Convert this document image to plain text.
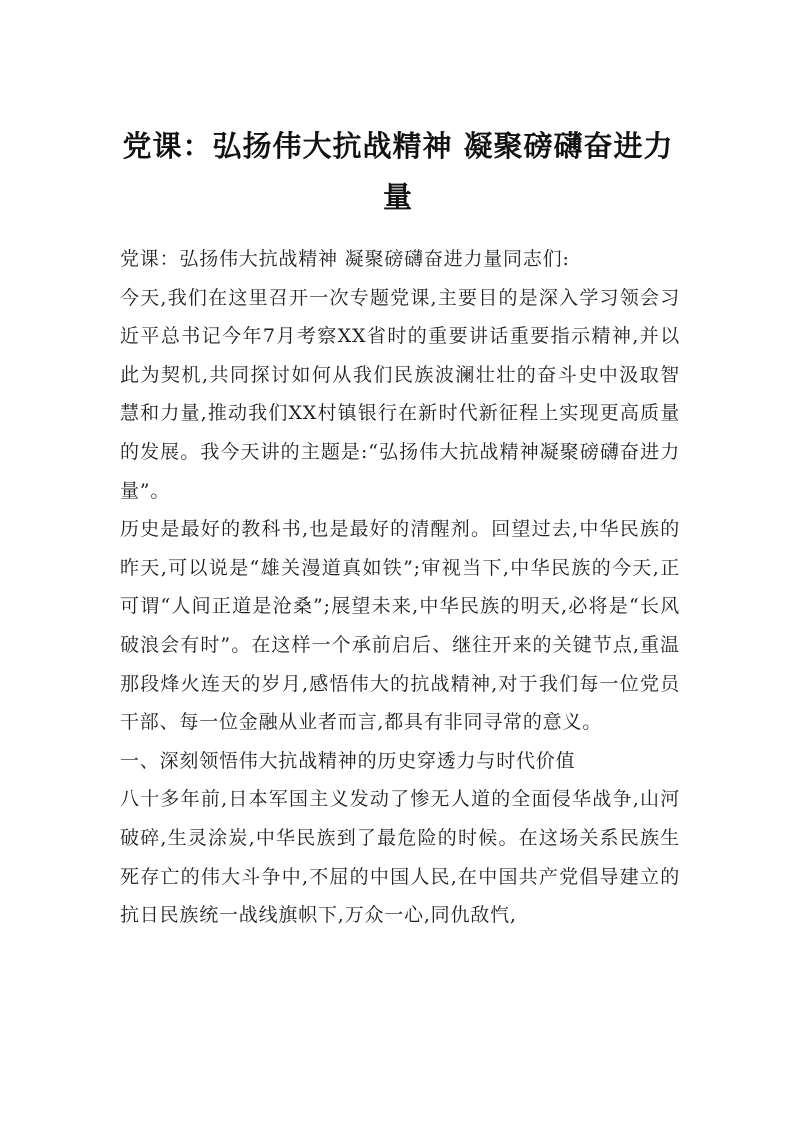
党课：弘扬伟大抗战精神 凝聚磅礴奋进力量

党课：弘扬伟大抗战精神 凝聚磅礴奋进力量同志们:

今天,我们在这里召开一次专题党课,主要目的是深入学习领会习近平总书记今年7月考察XX省时的重要讲话重要指示精神,并以此为契机,共同探讨如何从我们民族波澜壮壮的奋斗史中汲取智慧和力量,推动我们XX村镇银行在新时代新征程上实现更高质量的发展。我今天讲的主题是:“弘扬伟大抗战精神凝聚磅礴奋进力量”。

历史是最好的教科书,也是最好的清醒剂。回望过去,中华民族的昨天,可以说是“雄关漫道真如铁”;审视当下,中华民族的今天,正可谓“人间正道是沧桑”;展望未来,中华民族的明天,必将是“长风破浪会有时”。在这样一个承前启后、继往开来的关键节点,重温那段烽火连天的岁月,感悟伟大的抗战精神,对于我们每一位党员干部、每一位金融从业者而言,都具有非同寻常的意义。

一、深刻领悟伟大抗战精神的历史穿透力与时代价值

八十多年前,日本军国主义发动了惨无人道的全面侵华战争,山河破碎,生灵涂炭,中华民族到了最危险的时候。在这场关系民族生死存亡的伟大斗争中,不屈的中国人民,在中国共产党倡导建立的抗日民族统一战线旗帜下,万众一心,同仇敌忾,
